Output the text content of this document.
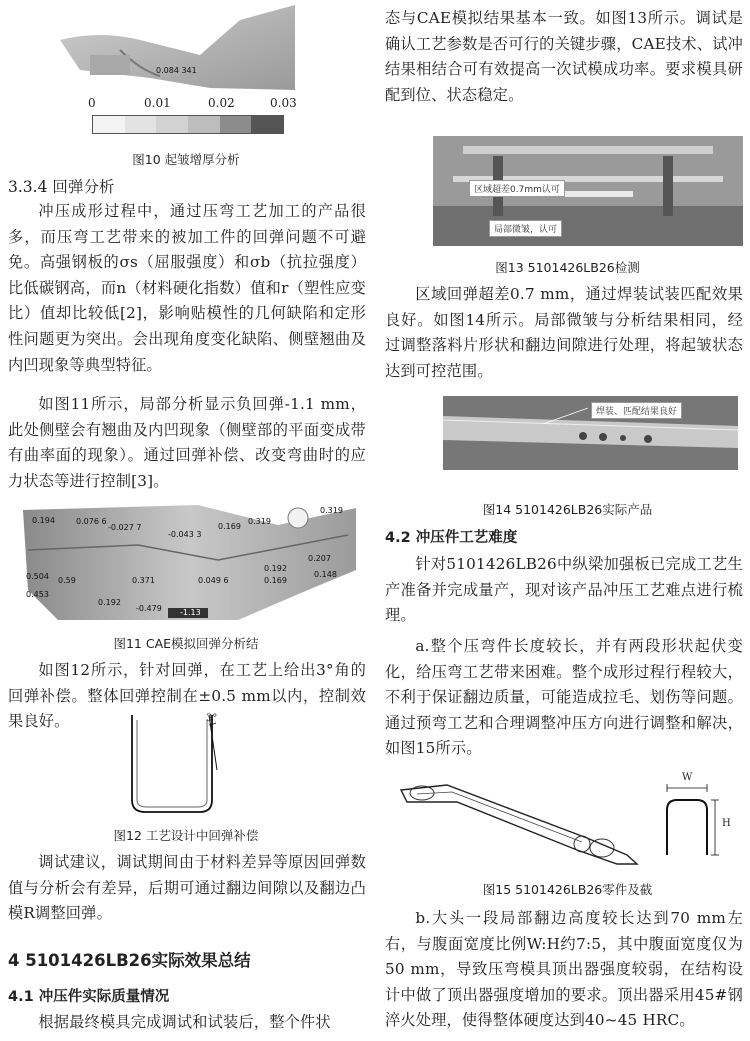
0.084 341
0	0.01	0.02	0.03
图10 起皱增厚分析
3.3.4 回弹分析

冲压成形过程中，通过压弯工艺加工的产品很多，而压弯工艺带来的被加工件的回弹问题不可避免。高强钢板的σs（屈服强度）和σb（抗拉强度）比低碳钢高，而n（材料硬化指数）值和r（塑性应变比）值却比较低[2]，影响贴模性的几何缺陷和定形性问题更为突出。会出现角度变化缺陷、侧壁翘曲及内凹现象等典型特征。

如图11所示，局部分析显示负回弹-1.1 mm，此处侧壁会有翘曲及内凹现象（侧壁部的平面变成带有曲率面的现象）。通过回弹补偿、改变弯曲时的应力状态等进行控制[3]。

0.194	0.076 6
-0.027 7
-0.043 3
0.169
0.319
0.319
0.207
0.192
0.148
0.169
0.504 0.59	0.371	0.049 6
0.453
0.192
-0.479 -1.13
图11 CAE模拟回弹分析结

如图12所示，针对回弹，在工艺上给出3°角的回弹补偿。整体回弹控制在±0.5 mm以内，控制效果良好。	3°
图12 工艺设计中回弹补偿

调试建议，调试期间由于材料差异等原因回弹数值与分析会有差异，后期可通过翻边间隙以及翻边凸模R调整回弹。

4 5101426LB26实际效果总结
4.1 冲压件实际质量情况

根据最终模具完成调试和试装后，整个件状

态与CAE模拟结果基本一致。如图13所示。调试是确认工艺参数是否可行的关键步骤，CAE技术、试冲结果相结合可有效提高一次试模成功率。要求模具研配到位、状态稳定。

区域超差0.7mm认可
局部微皱，认可
图13 5101426LB26检测

区域回弹超差0.7 mm，通过焊装试装匹配效果良好。如图14所示。局部微皱与分析结果相同，经过调整落料片形状和翻边间隙进行处理，将起皱状态达到可控范围。

焊装、匹配结果良好
图14 5101426LB26实际产品
4.2 冲压件工艺难度

针对5101426LB26中纵梁加强板已完成工艺生产准备并完成量产，现对该产品冲压工艺难点进行梳理。

a.整个压弯件长度较长，并有两段形状起伏变化，给压弯工艺带来困难。整个成形过程行程较大，不利于保证翻边质量，可能造成拉毛、划伤等问题。通过预弯工艺和合理调整冲压方向进行调整和解决，如图15所示。

W
H
图15 5101426LB26零件及截

b.大头一段局部翻边高度较长达到70 mm左右，与腹面宽度比例W:H约7:5，其中腹面宽度仅为50 mm，导致压弯模具顶出器强度较弱，在结构设计中做了顶出器强度增加的要求。顶出器采用45#钢淬火处理，使得整体硬度达到40~45 HRC。
